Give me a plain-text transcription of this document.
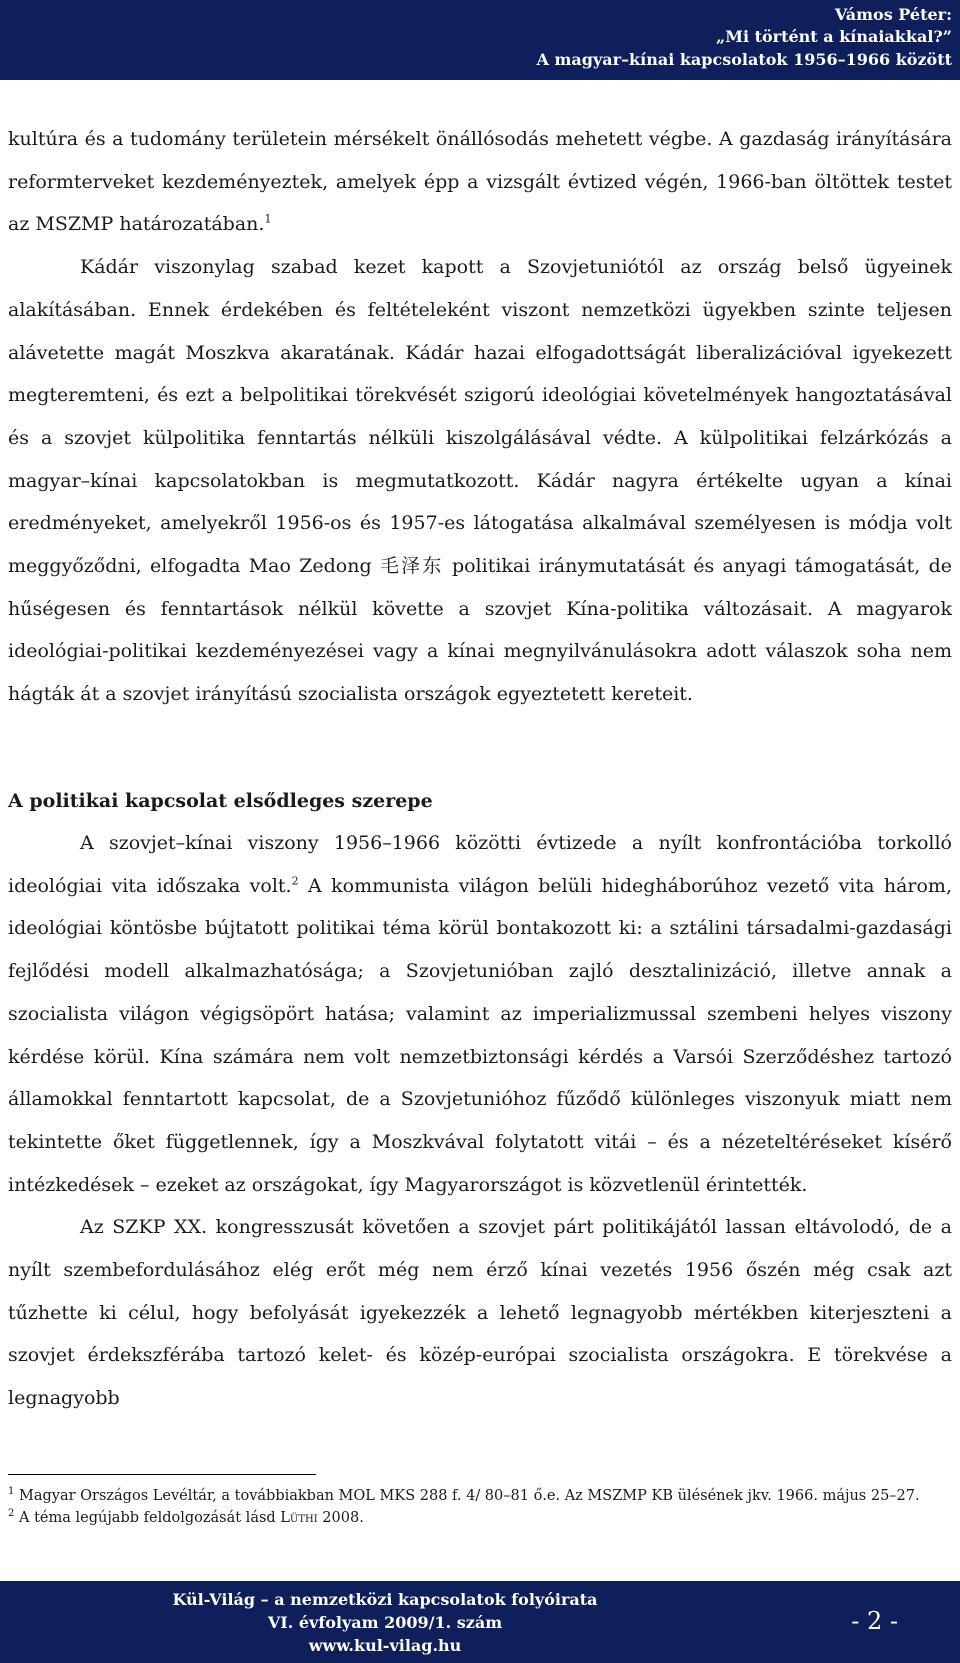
Vámos Péter:
„Mi történt a kínaiakkal?”
A magyar–kínai kapcsolatok 1956–1966 között

kultúra és a tudomány területein mérsékelt önállósodás mehetett végbe. A gazdaság irányítására reformterveket kezdeményeztek, amelyek épp a vizsgált évtized végén, 1966-ban öltöttek testet az MSZMP határozatában.$^1$

Kádár viszonylag szabad kezet kapott a Szovjetuniótól az ország belső ügyeinek alakításában. Ennek érdekében és feltételeként viszont nemzetközi ügyekben szinte teljesen alávetette magát Moszkva akaratának. Kádár hazai elfogadottságát liberalizációval igyekezett megteremteni, és ezt a belpolitikai törekvését szigorú ideológiai követelmények hangoztatásával és a szovjet külpolitika fenntartás nélküli kiszolgálásával védte. A külpolitikai felzárkózás a magyar–kínai kapcsolatokban is megmutatkozott. Kádár nagyra értékelte ugyan a kínai eredményeket, amelyekről 1956-os és 1957-es látogatása alkalmával személyesen is módja volt meggyőződni, elfogadta Mao Zedong 毛泽东 politikai iránymutatását és anyagi támogatását, de hűségesen és fenntartások nélkül követte a szovjet Kína-politika változásait. A magyarok ideológiai-politikai kezdeményezései vagy a kínai megnyilvánulásokra adott válaszok soha nem hágták át a szovjet irányítású szocialista országok egyeztetett kereteit.

A politikai kapcsolat elsődleges szerepe

A szovjet–kínai viszony 1956–1966 közötti évtizede a nyílt konfrontációba torkolló ideológiai vita időszaka volt.$^2$ A kommunista világon belüli hidegháborúhoz vezető vita három, ideológiai köntösbe bújtatott politikai téma körül bontakozott ki: a sztálini társadalmi-gazdasági fejlődési modell alkalmazhatósága; a Szovjetunióban zajló desztalinizáció, illetve annak a szocialista világon végigsöpört hatása; valamint az imperializmussal szembeni helyes viszony kérdése körül. Kína számára nem volt nemzetbiztonsági kérdés a Varsói Szerződéshez tartozó államokkal fenntartott kapcsolat, de a Szovjetunióhoz fűződő különleges viszonyuk miatt nem tekintette őket függetlennek, így a Moszkvával folytatott vitái – és a nézeteltéréseket kísérő intézkedések – ezeket az országokat, így Magyarországot is közvetlenül érintették.

Az SZKP XX. kongresszusát követően a szovjet párt politikájától lassan eltávolodó, de a nyílt szembefordulásához elég erőt még nem érző kínai vezetés 1956 őszén még csak azt tűzhette ki célul, hogy befolyását igyekezzék a lehető legnagyobb mértékben kiterjeszteni a szovjet érdekszférába tartozó kelet- és közép-európai szocialista országokra. E törekvése a legnagyobb

$^1$ Magyar Országos Levéltár, a továbbiakban MOL MKS 288 f. 4/ 80–81 ő.e. Az MSZMP KB ülésének jkv. 1966. május 25–27.

$^2$ A téma legújabb feldolgozását lásd Lüthi 2008.

Kül-Világ – a nemzetközi kapcsolatok folyóirata
VI. évfolyam 2009/1. szám
www.kul-vilag.hu
- 2 -
